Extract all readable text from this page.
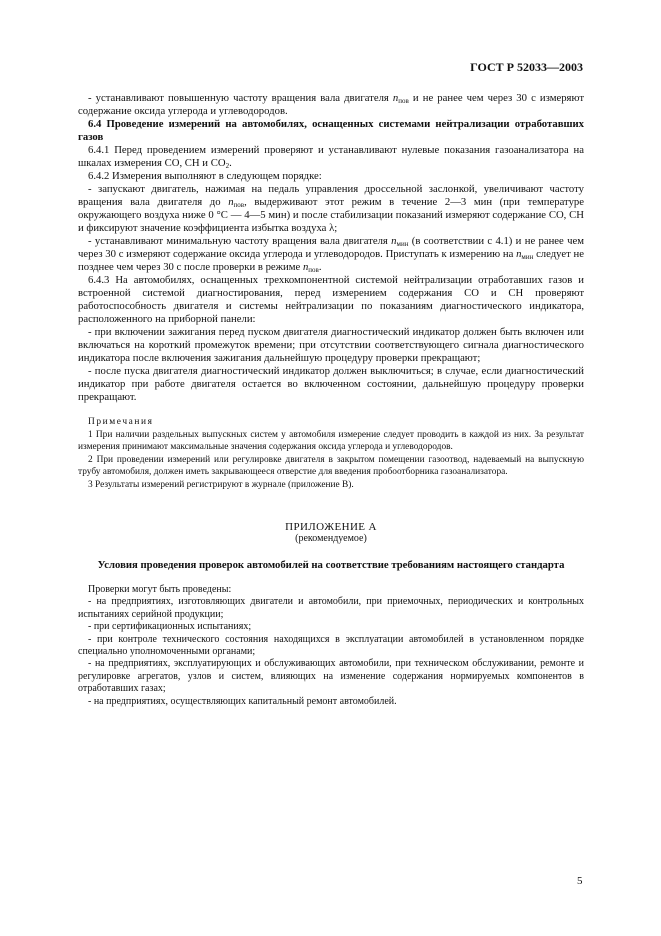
ГОСТ Р 52033—2003

- устанавливают повышенную частоту вращения вала двигателя $n_{пов}$ и не ранее чем через 30 с измеряют содержание оксида углерода и углеводородов.

6.4 Проведение измерений на автомобилях, оснащенных системами нейтрализации отработавших газов

6.4.1 Перед проведением измерений проверяют и устанавливают нулевые показания газоанализатора на шкалах измерения СО, СН и $СО_2$.

6.4.2 Измерения выполняют в следующем порядке:

- запускают двигатель, нажимая на педаль управления дроссельной заслонкой, увеличивают частоту вращения вала двигателя до $n_{пов}$, выдерживают этот режим в течение 2—3 мин (при температуре окружающего воздуха ниже 0 °С — 4—5 мин) и после стабилизации показаний измеряют содержание СО, СН и фиксируют значение коэффициента избытка воздуха λ;

- устанавливают минимальную частоту вращения вала двигателя $n_{мин}$ (в соответствии с 4.1) и не ранее чем через 30 с измеряют содержание оксида углерода и углеводородов. Приступать к измерению на $n_{мин}$ следует не позднее чем через 30 с после проверки в режиме $n_{пов}$.

6.4.3 На автомобилях, оснащенных трехкомпонентной системой нейтрализации отработавших газов и встроенной системой диагностирования, перед измерением содержания СО и СН проверяют работоспособность двигателя и системы нейтрализации по показаниям диагностического индикатора, расположенного на приборной панели:

- при включении зажигания перед пуском двигателя диагностический индикатор должен быть включен или включаться на короткий промежуток времени; при отсутствии соответствующего сигнала диагностического индикатора после включения зажигания дальнейшую процедуру проверки прекращают;

- после пуска двигателя диагностический индикатор должен выключиться; в случае, если диагностический индикатор при работе двигателя остается во включенном состоянии, дальнейшую процедуру проверки прекращают.

Примечания

1 При наличии раздельных выпускных систем у автомобиля измерение следует проводить в каждой из них. За результат измерения принимают максимальные значения содержания оксида углерода и углеводородов.

2 При проведении измерений или регулировке двигателя в закрытом помещении газоотвод, надеваемый на выпускную трубу автомобиля, должен иметь закрывающееся отверстие для введения пробоотборника газоанализатора.

3 Результаты измерений регистрируют в журнале (приложение В).

ПРИЛОЖЕНИЕ А
(рекомендуемое)
Условия проведения проверок автомобилей на соответствие требованиям настоящего стандарта

Проверки могут быть проведены:

- на предприятиях, изготовляющих двигатели и автомобили, при приемочных, периодических и контрольных испытаниях серийной продукции;

- при сертификационных испытаниях;

- при контроле технического состояния находящихся в эксплуатации автомобилей в установленном порядке специально уполномоченными органами;

- на предприятиях, эксплуатирующих и обслуживающих автомобили, при техническом обслуживании, ремонте и регулировке агрегатов, узлов и систем, влияющих на изменение содержания нормируемых компонентов в отработавших газах;

- на предприятиях, осуществляющих капитальный ремонт автомобилей.

5
